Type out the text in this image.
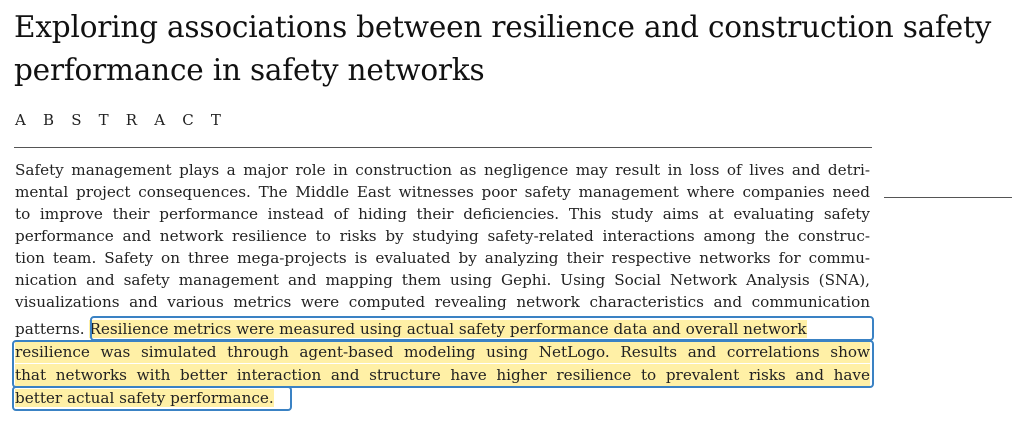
Exploring associations between resilience and construction safety
performance in safety networks
A B S T R A C T
Safety management plays a major role in construction as negligence may result in loss of lives and detri-
mental project consequences. The Middle East witnesses poor safety management where companies need
to improve their performance instead of hiding their deficiencies. This study aims at evaluating safety
performance and network resilience to risks by studying safety-related interactions among the construc-
tion team. Safety on three mega-projects is evaluated by analyzing their respective networks for commu-
nication and safety management and mapping them using Gephi. Using Social Network Analysis (SNA),
visualizations and various metrics were computed revealing network characteristics and communication
patterns. Resilience metrics were measured using actual safety performance data and overall network
resilience was simulated through agent-based modeling using NetLogo. Results and correlations show
that networks with better interaction and structure have higher resilience to prevalent risks and have
better actual safety performance.
